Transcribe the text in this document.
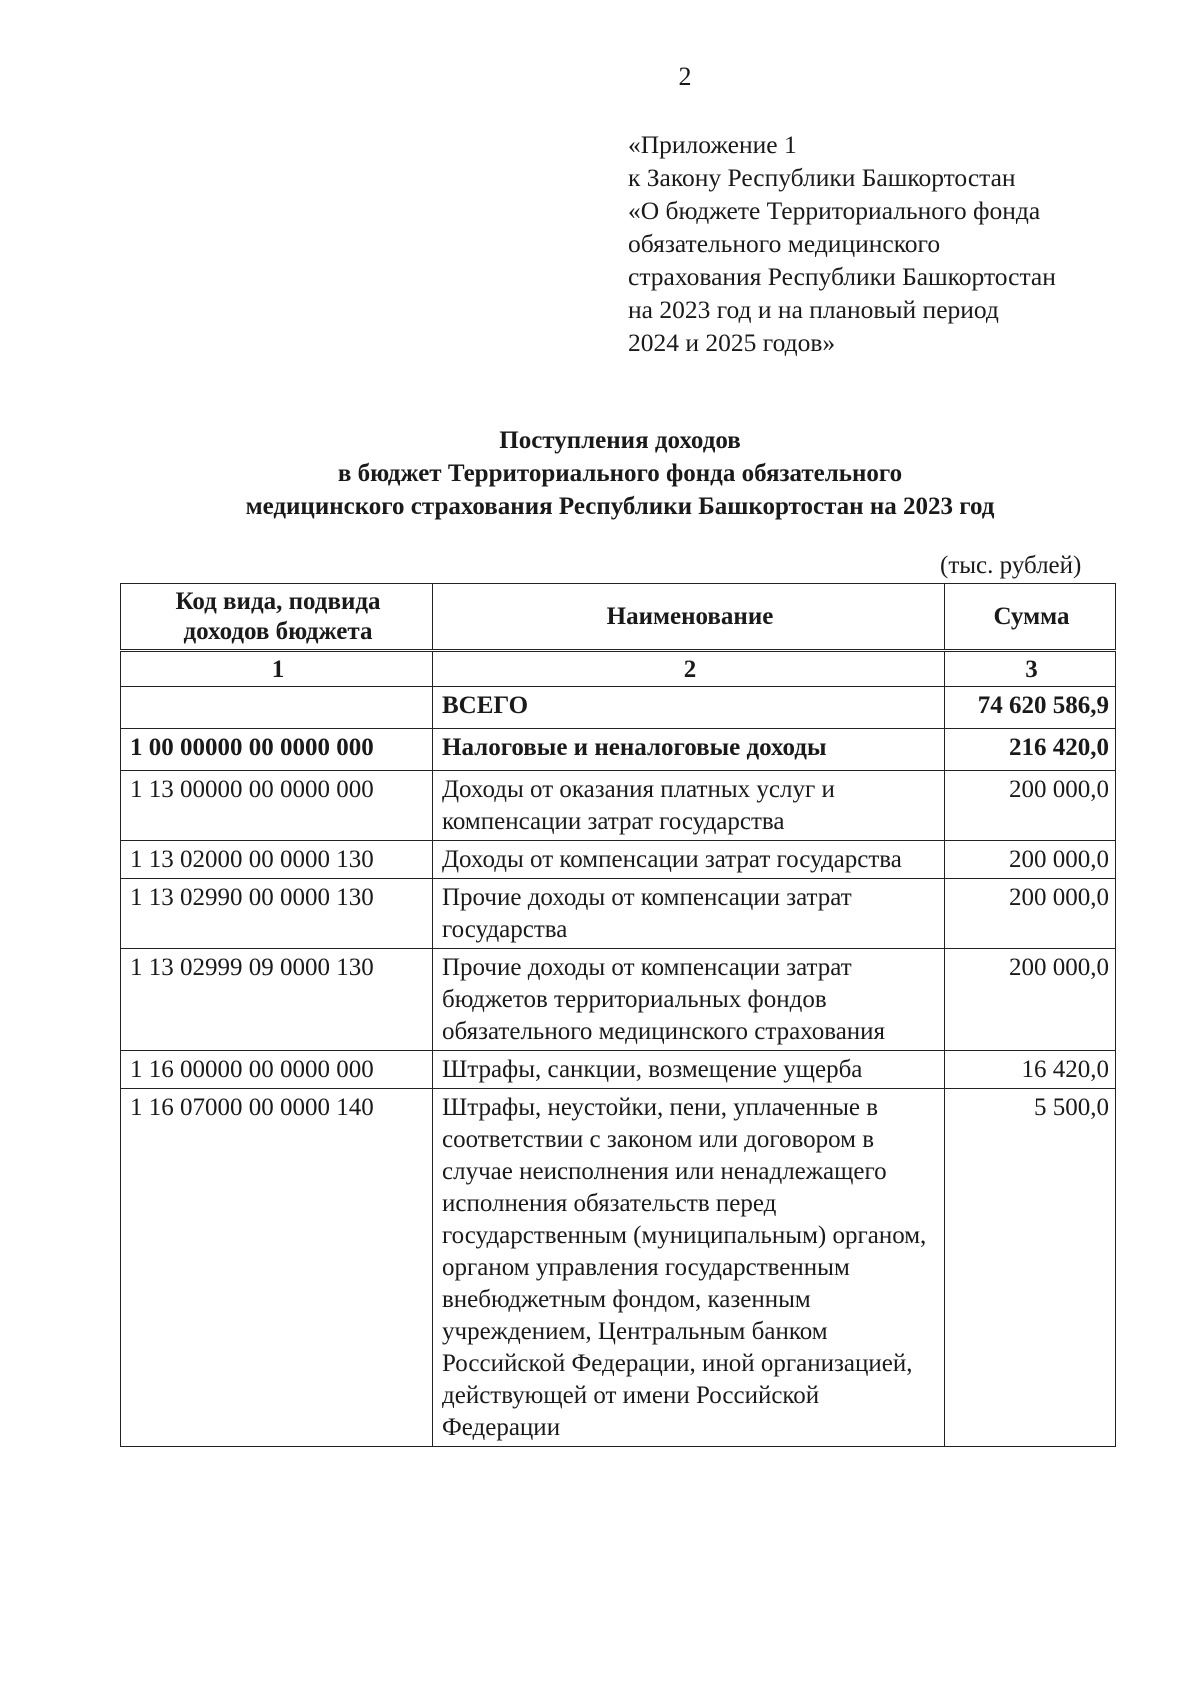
2
«Приложение 1
к Закону Республики Башкортостан
«О бюджете Территориального фонда
обязательного медицинского
страхования Республики Башкортостан
на 2023 год и на плановый период
2024 и 2025 годов»
Поступления доходов
в бюджет Территориального фонда обязательного
медицинского страхования Республики Башкортостан на 2023 год
(тыс. рублей)
Код вида, подвида доходов бюджета	Наименование	Сумма
1	2	3
	ВСЕГО	74 620 586,9
1 00 00000 00 0000 000	Налоговые и неналоговые доходы	216 420,0
1 13 00000 00 0000 000	Доходы от оказания платных услуг и компенсации затрат государства	200 000,0
1 13 02000 00 0000 130	Доходы от компенсации затрат государства	200 000,0
1 13 02990 00 0000 130	Прочие доходы от компенсации затрат государства	200 000,0
1 13 02999 09 0000 130	Прочие доходы от компенсации затрат бюджетов территориальных фондов обязательного медицинского страхования	200 000,0
1 16 00000 00 0000 000	Штрафы, санкции, возмещение ущерба	16 420,0
1 16 07000 00 0000 140	Штрафы, неустойки, пени, уплаченные в соответствии с законом или договором в случае неисполнения или ненадлежащего исполнения обязательств перед государственным (муниципальным) органом, органом управления государственным внебюджетным фондом, казенным учреждением, Центральным банком Российской Федерации, иной организацией, действующей от имени Российской Федерации	5 500,0
